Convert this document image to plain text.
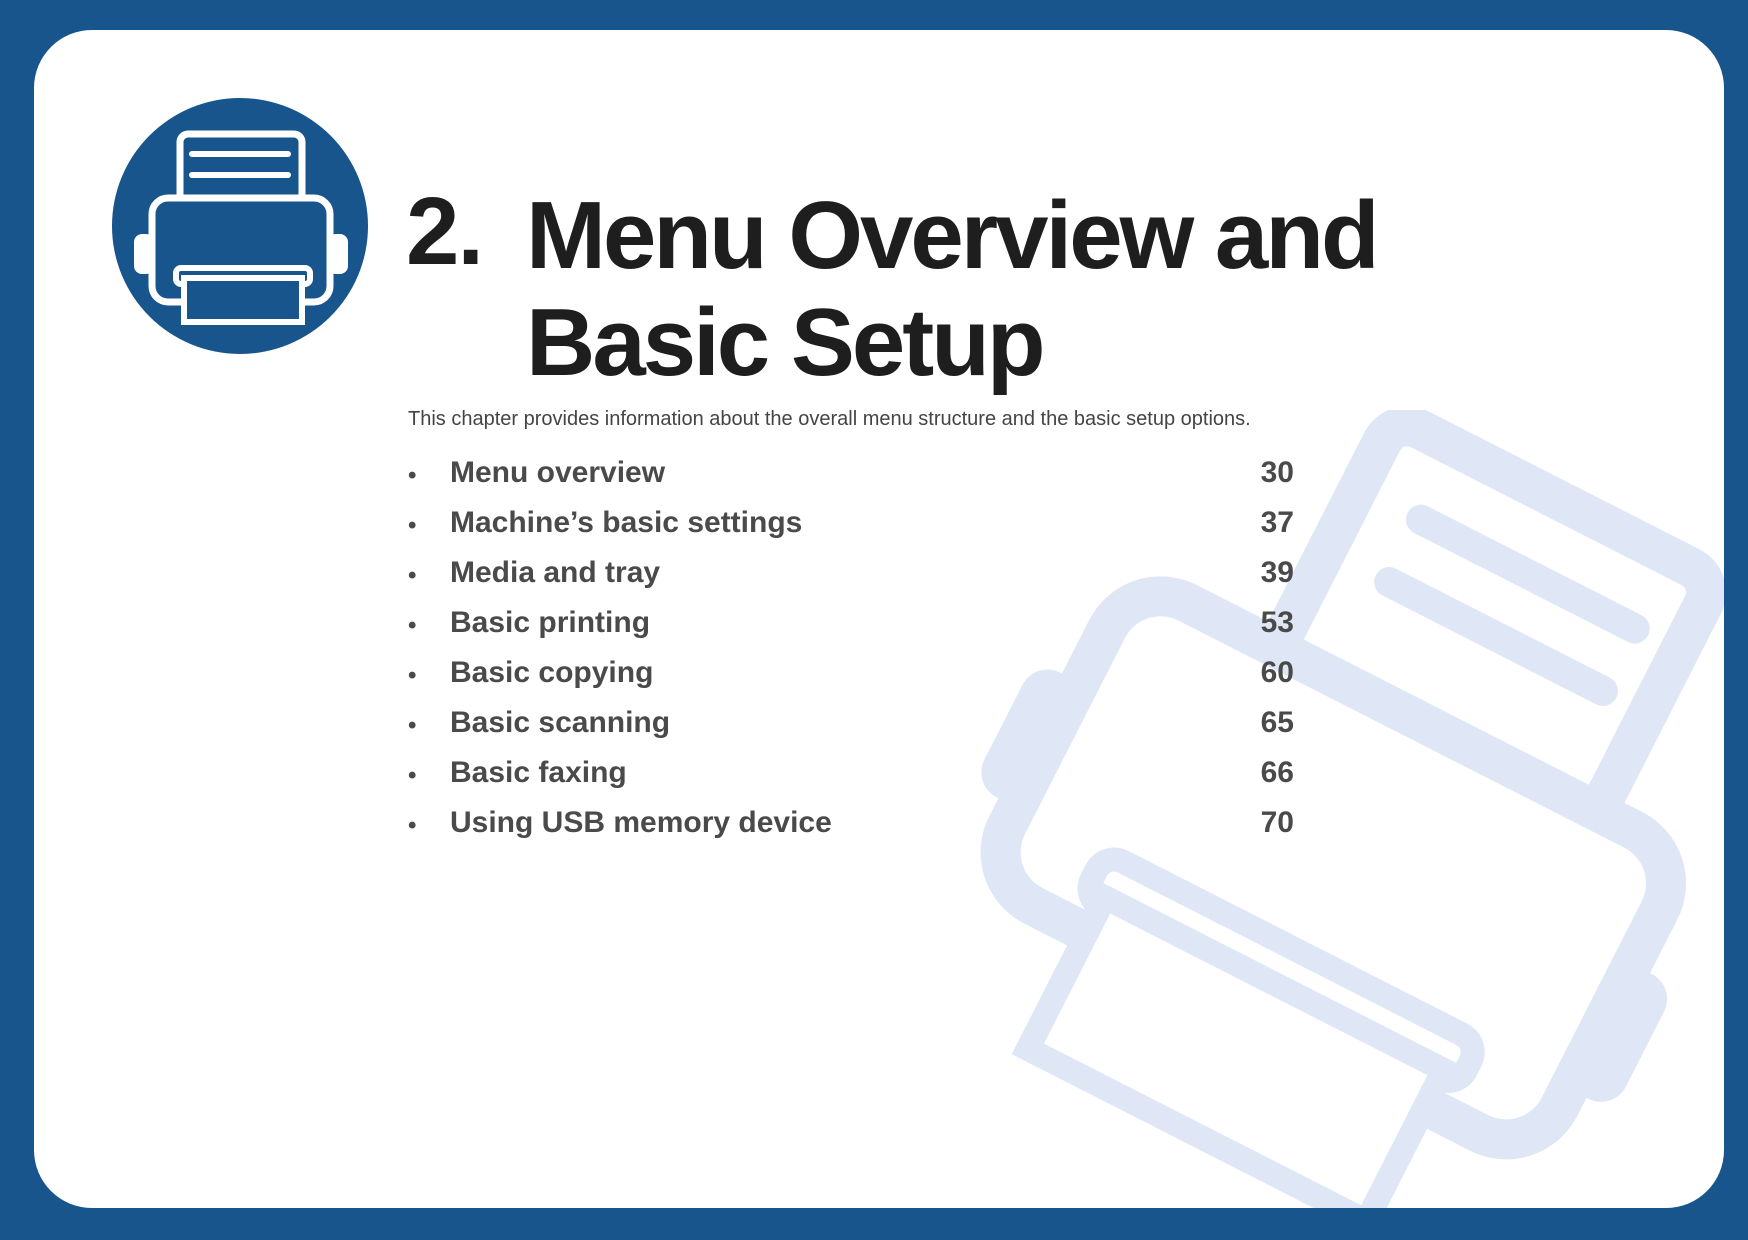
2. Menu Overview and
Basic Setup
This chapter provides information about the overall menu structure and the basic setup options.
• Menu overview	30
• Machine’s basic settings	37
• Media and tray	39
• Basic printing	53
• Basic copying	60
• Basic scanning	65
• Basic faxing	66
• Using USB memory device	70
